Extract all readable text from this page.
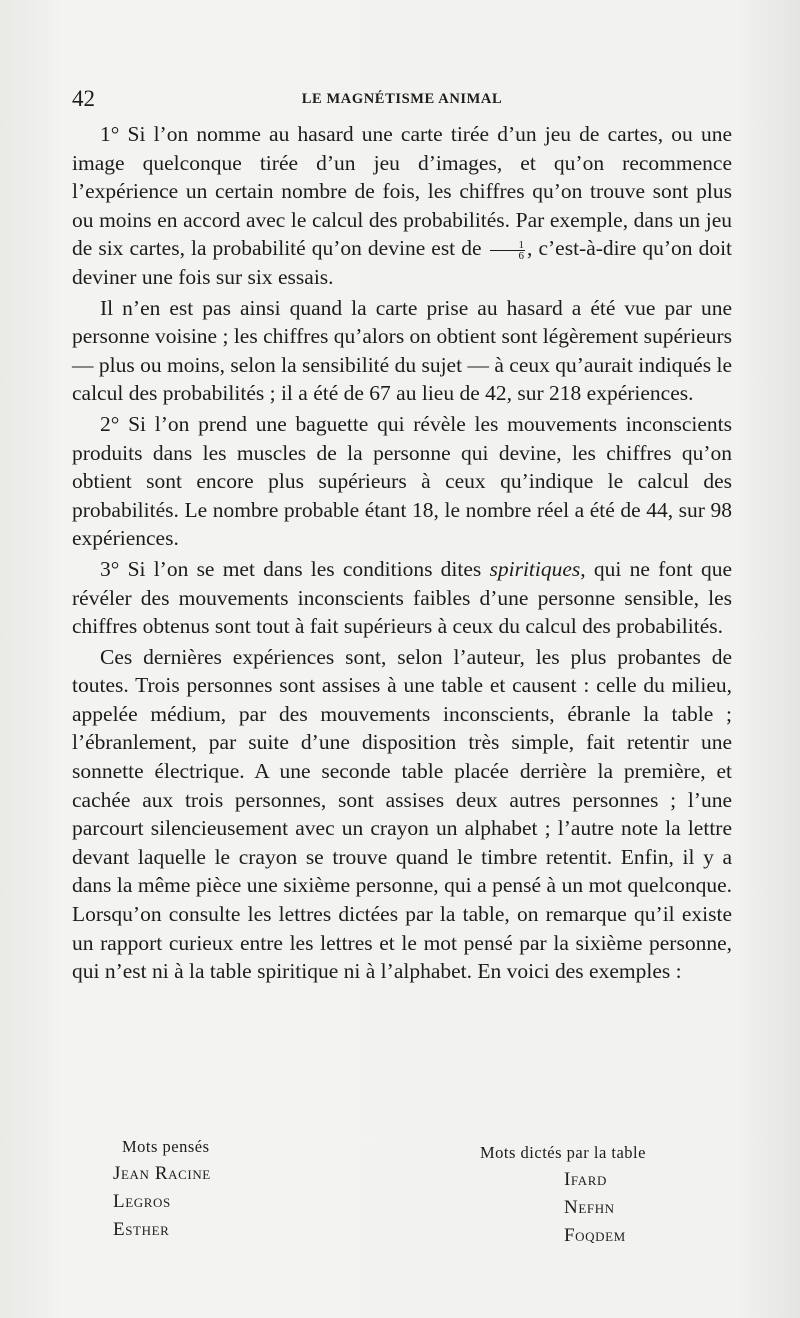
42	LE MAGNÉTISME ANIMAL

1° Si l’on nomme au hasard une carte tirée d’un jeu de cartes, ou une image quelconque tirée d’un jeu d’images, et qu’on recommence l’expérience un certain nombre de fois, les chiffres qu’on trouve sont plus ou moins en accord avec le calcul des probabilités. Par exemple, dans un jeu de six cartes, la probabilité qu’on devine est de $\frac{1}{6}$ , c’est-à-dire qu’on doit deviner une fois sur six essais.

Il n’en est pas ainsi quand la carte prise au hasard a été vue par une personne voisine ; les chiffres qu’alors on obtient sont légèrement supérieurs — plus ou moins, selon la sensibilité du sujet — à ceux qu’aurait indiqués le calcul des probabilités ; il a été de 67 au lieu de 42, sur 218 expériences.

2° Si l’on prend une baguette qui révèle les mouvements inconscients produits dans les muscles de la personne qui devine, les chiffres qu’on obtient sont encore plus supérieurs à ceux qu’indique le calcul des probabilités. Le nombre probable étant 18, le nombre réel a été de 44, sur 98 expériences.

3° Si l’on se met dans les conditions dites spiritiques, qui ne font que révéler des mouvements inconscients faibles d’une personne sensible, les chiffres obtenus sont tout à fait supérieurs à ceux du calcul des probabilités.

Ces dernières expériences sont, selon l’auteur, les plus probantes de toutes. Trois personnes sont assises à une table et causent : celle du milieu, appelée médium, par des mouvements inconscients, ébranle la table ; l’ébranlement, par suite d’une disposition très simple, fait retentir une sonnette électrique. A une seconde table placée derrière la première, et cachée aux trois personnes, sont assises deux autres personnes ; l’une parcourt silencieusement avec un crayon un alphabet ; l’autre note la lettre devant laquelle le crayon se trouve quand le timbre retentit. Enfin, il y a dans la même pièce une sixième personne, qui a pensé à un mot quelconque. Lorsqu’on consulte les lettres dictées par la table, on remarque qu’il existe un rapport curieux entre les lettres et le mot pensé par la sixième personne, qui n’est ni à la table spiritique ni à l’alphabet. En voici des exemples :

Mots pensés
Jean Racine
Legros
Esther
Mots dictés par la table
Ifard
Nefhn
Foqdem
